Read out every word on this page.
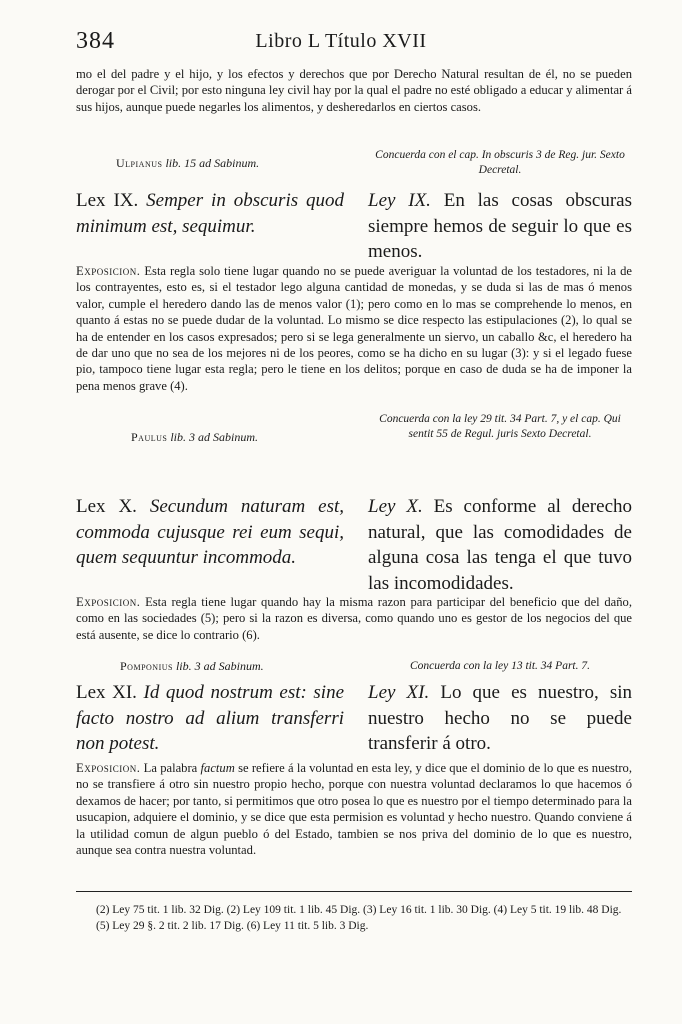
384	Libro L Título XVII
mo el del padre y el hijo, y los efectos y derechos que por Derecho Natural resultan de él, no se pueden derogar por el Civil; por esto ninguna ley civil hay por la qual el padre no esté obligado a educar y alimentar á sus hijos, aunque puede negarles los alimentos, y desheredarlos en ciertos casos.
Ulpianus lib. 15 ad Sabinum.
Concuerda con el cap. In obscuris 3 de Reg. jur. Sexto Decretal.
Lex IX. Semper in obscuris quod minimum est, sequimur.
Ley IX. En las cosas obscuras siempre hemos de seguir lo que es menos.
Exposicion. Esta regla solo tiene lugar quando no se puede averiguar la voluntad de los testadores, ni la de los contrayentes, esto es, si el testador lego alguna cantidad de monedas, y se duda si las de mas ó menos valor, cumple el heredero dando las de menos valor (1); pero como en lo mas se comprehende lo menos, en quanto á estas no se puede dudar de la voluntad. Lo mismo se dice respecto las estipulaciones (2), lo qual se ha de entender en los casos expresados; pero si se lega generalmente un siervo, un caballo &c, el heredero ha de dar uno que no sea de los mejores ni de los peores, como se ha dicho en su lugar (3): y si el legado fuese pio, tampoco tiene lugar esta regla; pero le tiene en los delitos; porque en caso de duda se ha de imponer la pena menos grave (4).
Paulus lib. 3 ad Sabinum.
Concuerda con la ley 29 tit. 34 Part. 7, y el cap. Qui sentit 55 de Regul. juris Sexto Decretal.
Lex X. Secundum naturam est, commoda cujusque rei eum sequi, quem sequuntur incommoda.
Ley X. Es conforme al derecho natural, que las comodidades de alguna cosa las tenga el que tuvo las incomodidades.
Exposicion. Esta regla tiene lugar quando hay la misma razon para participar del beneficio que del daño, como en las sociedades (5); pero si la razon es diversa, como quando uno es gestor de los negocios del que está ausente, se dice lo contrario (6).
Pomponius lib. 3 ad Sabinum.	Concuerda con la ley 13 tit. 34 Part. 7.
Lex XI. Id quod nostrum est: sine facto nostro ad alium transferri non potest.
Ley XI. Lo que es nuestro, sin nuestro hecho no se puede transferir á otro.
Exposicion. La palabra factum se refiere á la voluntad en esta ley, y dice que el dominio de lo que es nuestro, no se transfiere á otro sin nuestro propio hecho, porque con nuestra voluntad declaramos lo que hacemos ó dexamos de hacer; por tanto, si permitimos que otro posea lo que es nuestro por el tiempo determinado para la usucapion, adquiere el dominio, y se dice que esta permision es voluntad y hecho nuestro. Quando conviene á la utilidad comun de algun pueblo ó del Estado, tambien se nos priva del dominio de lo que es nuestro, aunque sea contra nuestra voluntad.
(2) Ley 75 tit. 1 lib. 32 Dig. (2) Ley 109 tit. 1 lib. 45 Dig. (3) Ley 16 tit. 1 lib. 30 Dig. (4) Ley 5 tit. 19 lib. 48 Dig. (5) Ley 29 §. 2 tit. 2 lib. 17 Dig. (6) Ley 11 tit. 5 lib. 3 Dig.
